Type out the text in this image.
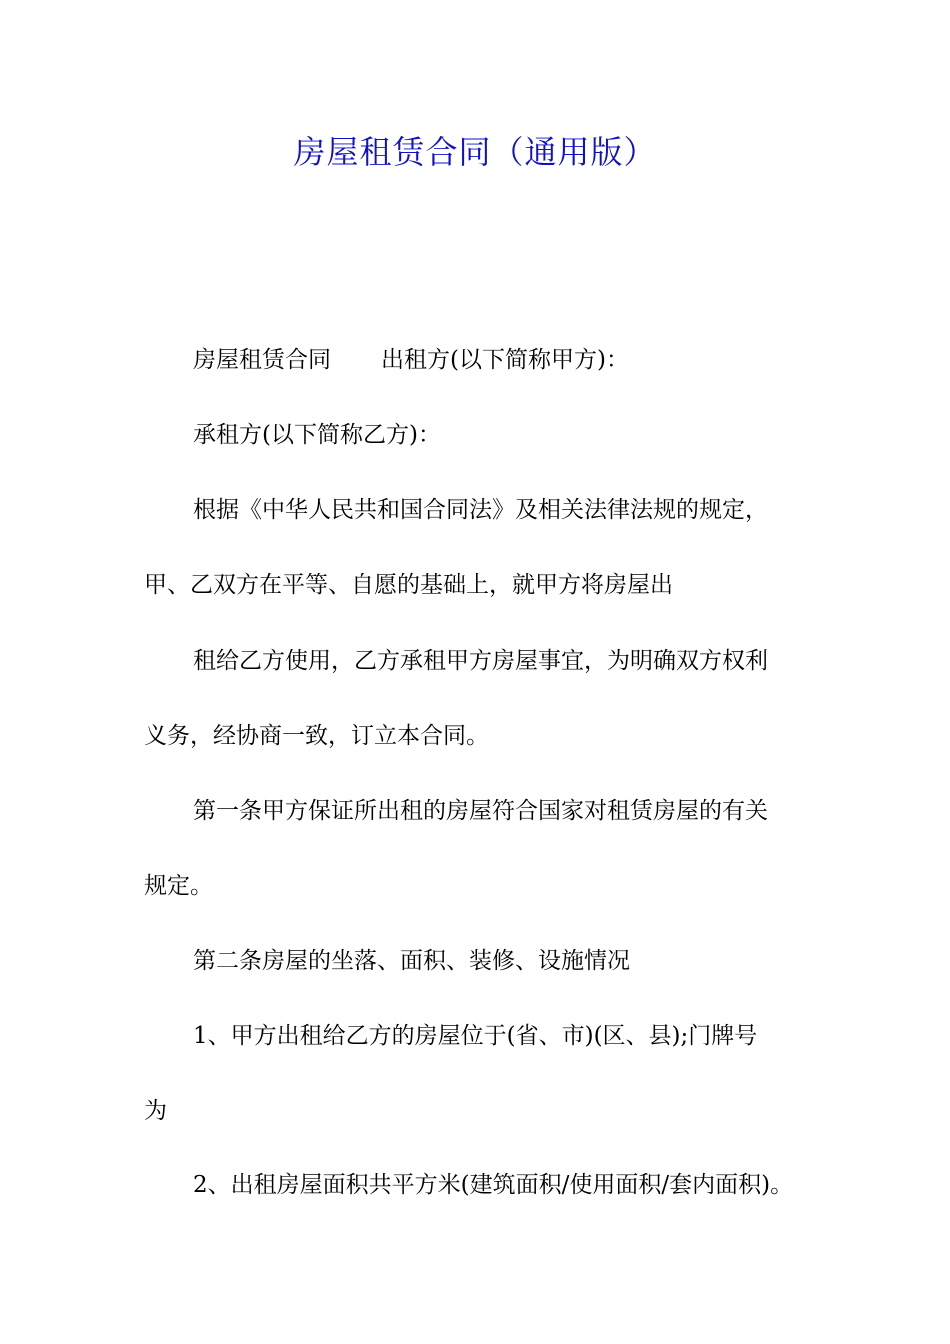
房屋租赁合同（通用版）
房屋租赁合同 出租方(以下简称甲方)：
承租方(以下简称乙方)：
根据《中华人民共和国合同法》及相关法律法规的规定，
甲、乙双方在平等、自愿的基础上，就甲方将房屋出
租给乙方使用，乙方承租甲方房屋事宜，为明确双方权利
义务，经协商一致，订立本合同。
第一条甲方保证所出租的房屋符合国家对租赁房屋的有关
规定。
第二条房屋的坐落、面积、装修、设施情况
1、甲方出租给乙方的房屋位于(省、市)(区、县);门牌号
为
2、出租房屋面积共平方米(建筑面积/使用面积/套内面积)。
